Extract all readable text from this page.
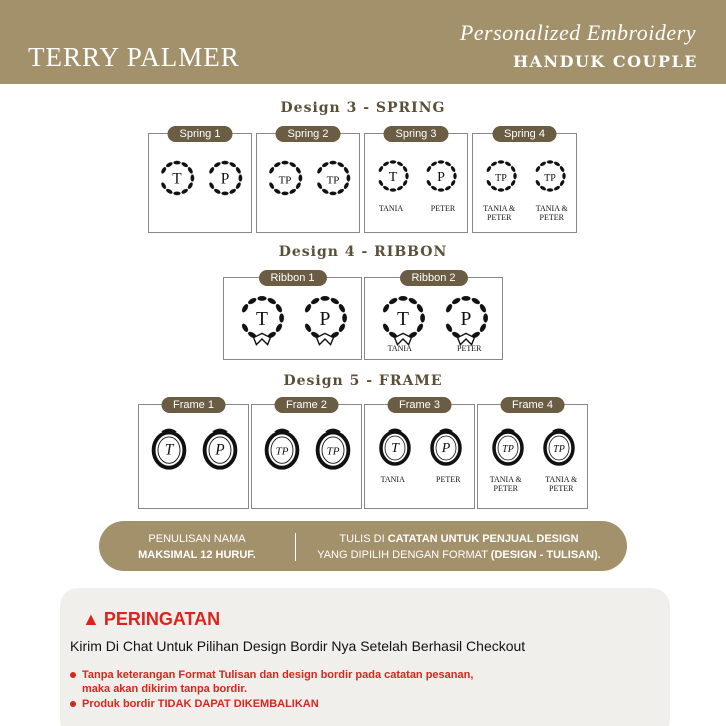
TERRY PALMER
Personalized Embroidery
HANDUK COUPLE
Design 3 - SPRING
Design 4 - RIBBON
Design 5 - FRAME
Spring 1
T	P
Spring 2
TP	TP
Spring 3
T
TANIA
P
PETER
Spring 4
TP
TANIA & PETER
TP
TANIA & PETER
Ribbon 1
T	P
Ribbon 2
T
TANIA
P
PETER
Frame 1
T	P
Frame 2
TP	TP
Frame 3
T
TANIA
P
PETER
Frame 4
TP
TANIA & PETER
TP
TANIA & PETER
PENULISAN NAMA
MAKSIMAL 12 HURUF.
TULIS DI CATATAN UNTUK PENJUAL DESIGN
YANG DIPILIH DENGAN FORMAT (DESIGN - TULISAN).
▲ PERINGATAN
Kirim Di Chat Untuk Pilihan Design Bordir Nya Setelah Berhasil Checkout
Tanpa keterangan Format Tulisan dan design bordir pada catatan pesanan,
maka akan dikirim tanpa bordir.
Produk bordir TIDAK DAPAT DIKEMBALIKAN
